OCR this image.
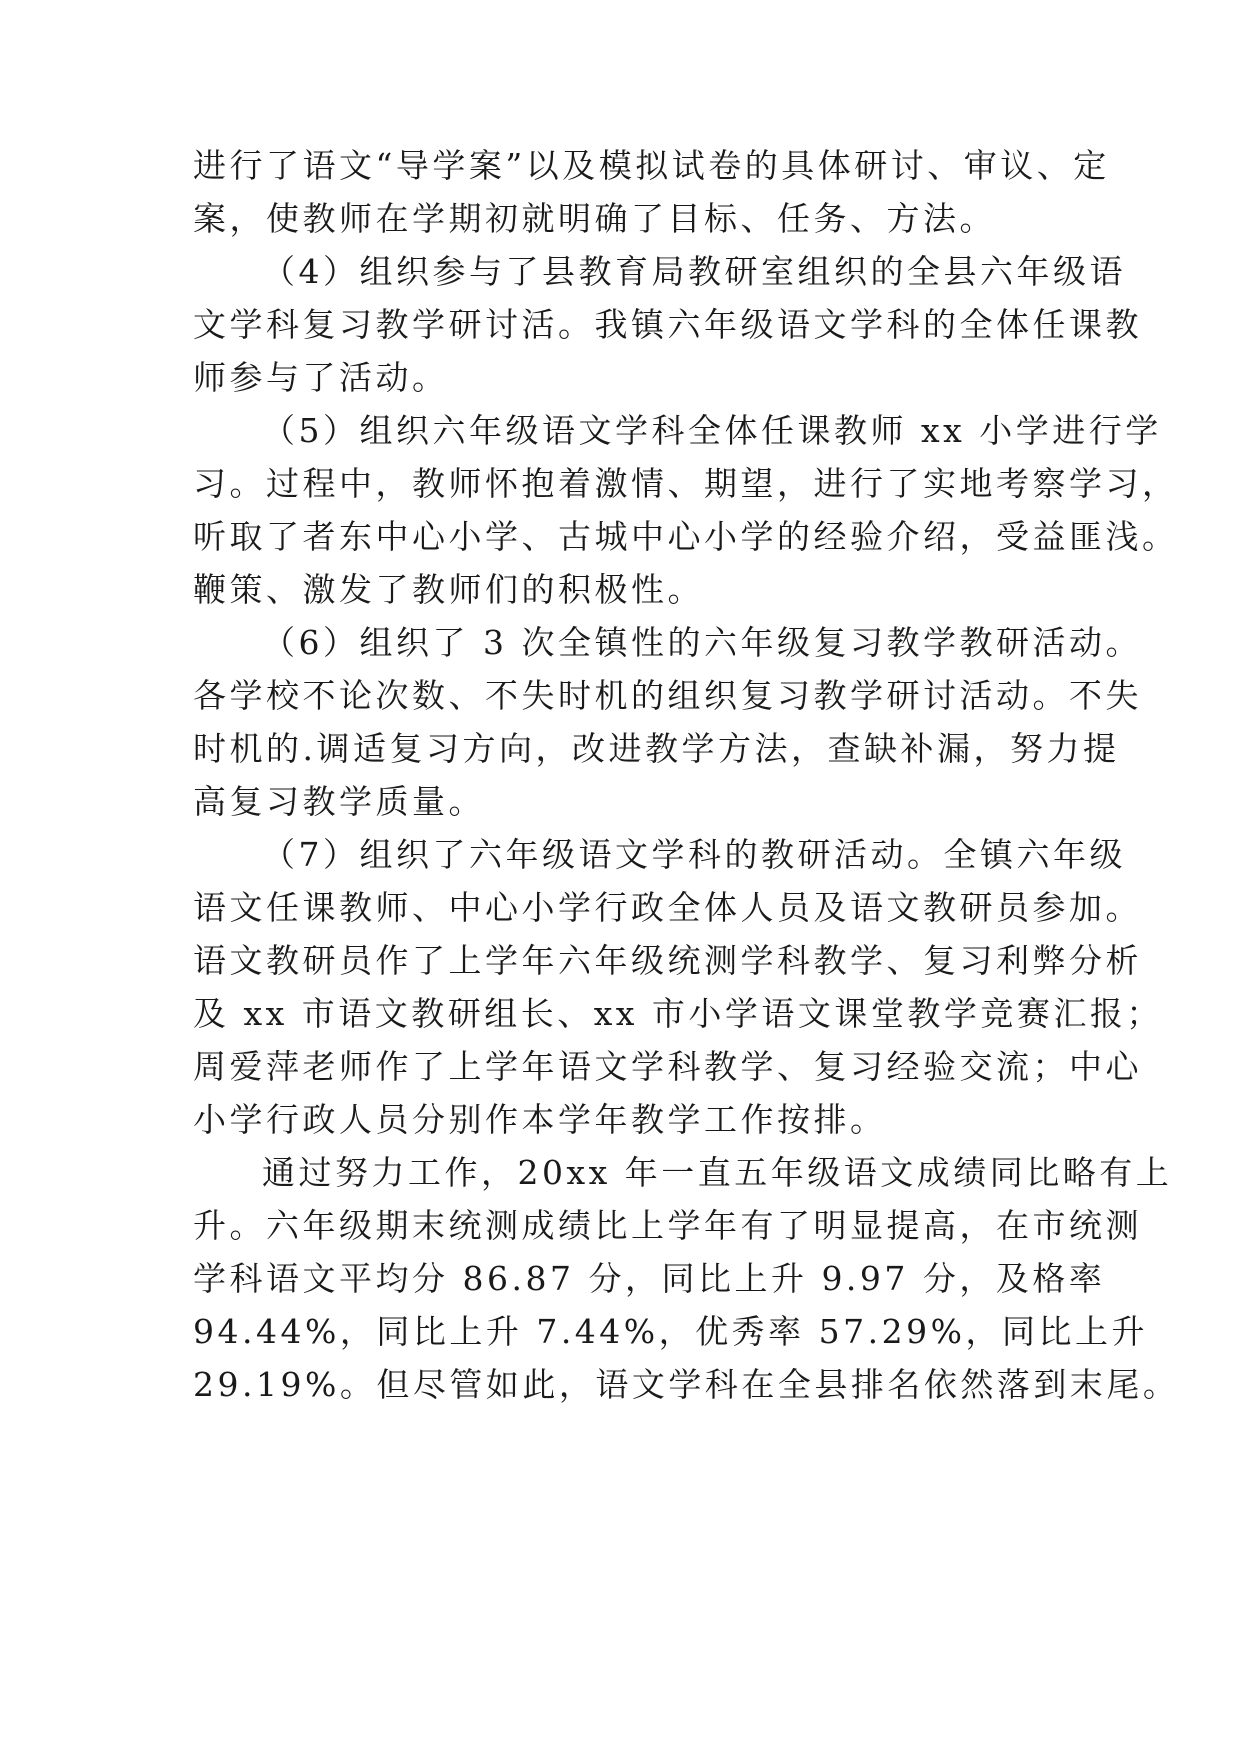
进行了语文“导学案”以及模拟试卷的具体研讨、审议、定
案，使教师在学期初就明确了目标、任务、方法。
（4）组织参与了县教育局教研室组织的全县六年级语
文学科复习教学研讨活。我镇六年级语文学科的全体任课教
师参与了活动。
（5）组织六年级语文学科全体任课教师 xx 小学进行学
习。过程中，教师怀抱着激情、期望，进行了实地考察学习，
听取了者东中心小学、古城中心小学的经验介绍，受益匪浅。
鞭策、激发了教师们的积极性。
（6）组织了 3 次全镇性的六年级复习教学教研活动。
各学校不论次数、不失时机的组织复习教学研讨活动。不失
时机的.调适复习方向，改进教学方法，查缺补漏，努力提
高复习教学质量。
（7）组织了六年级语文学科的教研活动。全镇六年级
语文任课教师、中心小学行政全体人员及语文教研员参加。
语文教研员作了上学年六年级统测学科教学、复习利弊分析
及 xx 市语文教研组长、xx 市小学语文课堂教学竞赛汇报；
周爱萍老师作了上学年语文学科教学、复习经验交流；中心
小学行政人员分别作本学年教学工作按排。
通过努力工作，20xx 年一直五年级语文成绩同比略有上
升。六年级期末统测成绩比上学年有了明显提高，在市统测
学科语文平均分 86.87 分，同比上升 9.97 分，及格率
94.44%，同比上升 7.44%，优秀率 57.29%，同比上升
29.19%。但尽管如此，语文学科在全县排名依然落到末尾。
